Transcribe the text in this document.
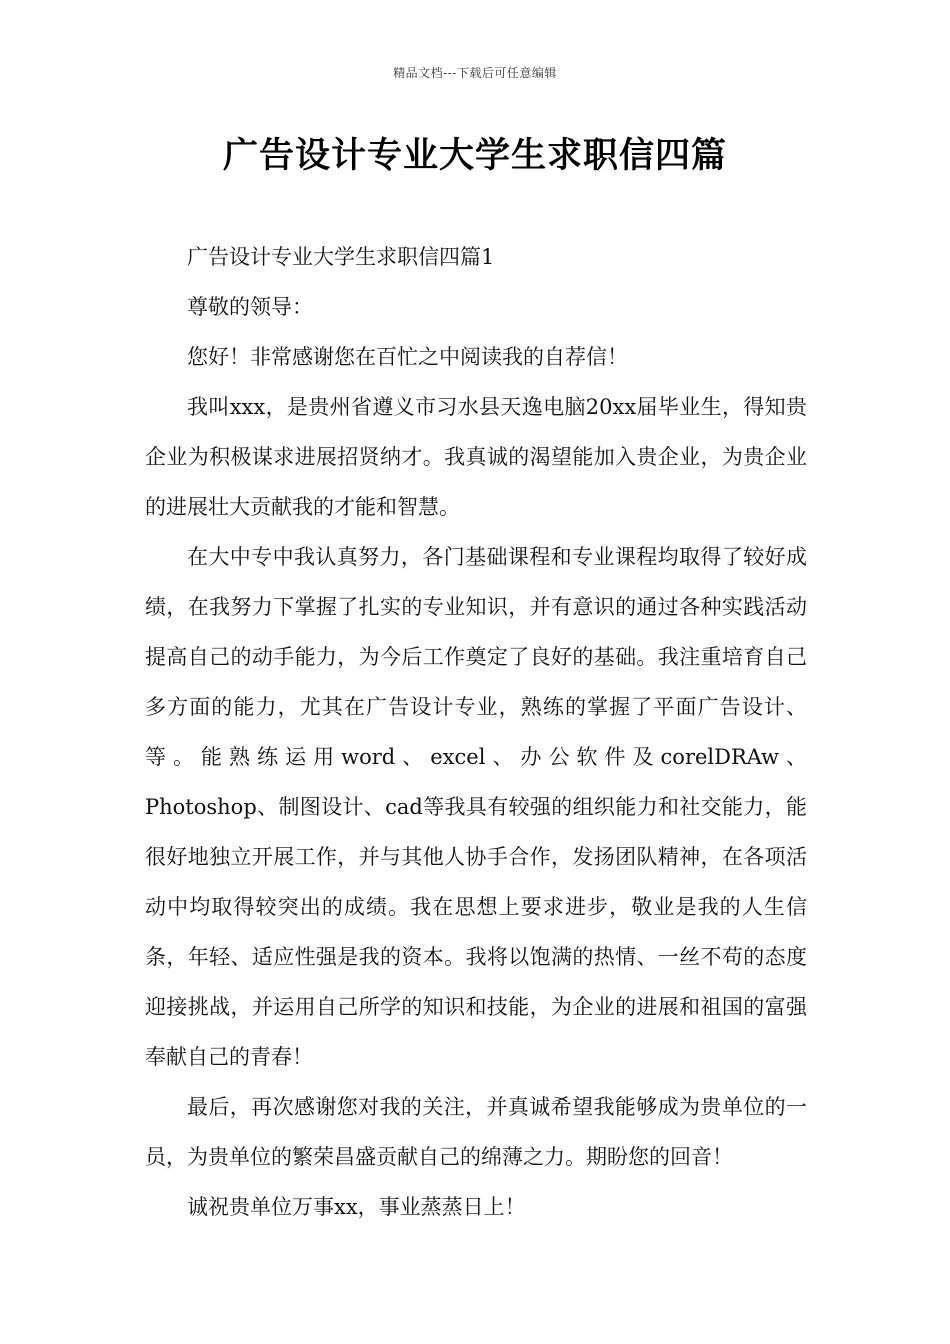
精品文档---下载后可任意编辑
广告设计专业大学生求职信四篇

广告设计专业大学生求职信四篇1

尊敬的领导：

您好！非常感谢您在百忙之中阅读我的自荐信！

我叫xxx，是贵州省遵义市习水县天逸电脑20xx届毕业生，得知贵企业为积极谋求进展招贤纳才。我真诚的渴望能加入贵企业，为贵企业的进展壮大贡献我的才能和智慧。

在大中专中我认真努力，各门基础课程和专业课程均取得了较好成绩，在我努力下掌握了扎实的专业知识，并有意识的通过各种实践活动提高自己的动手能力，为今后工作奠定了良好的基础。我注重培育自己多方面的能力，尤其在广告设计专业，熟练的掌握了平面广告设计、等。能熟练运用word、excel、办公软件及corelDRAw、Photoshop、制图设计、cad等我具有较强的组织能力和社交能力，能很好地独立开展工作，并与其他人协手合作，发扬团队精神，在各项活动中均取得较突出的成绩。我在思想上要求进步，敬业是我的人生信条，年轻、适应性强是我的资本。我将以饱满的热情、一丝不苟的态度迎接挑战，并运用自己所学的知识和技能，为企业的进展和祖国的富强奉献自己的青春！

最后，再次感谢您对我的关注，并真诚希望我能够成为贵单位的一员，为贵单位的繁荣昌盛贡献自己的绵薄之力。期盼您的回音！

诚祝贵单位万事xx，事业蒸蒸日上！
